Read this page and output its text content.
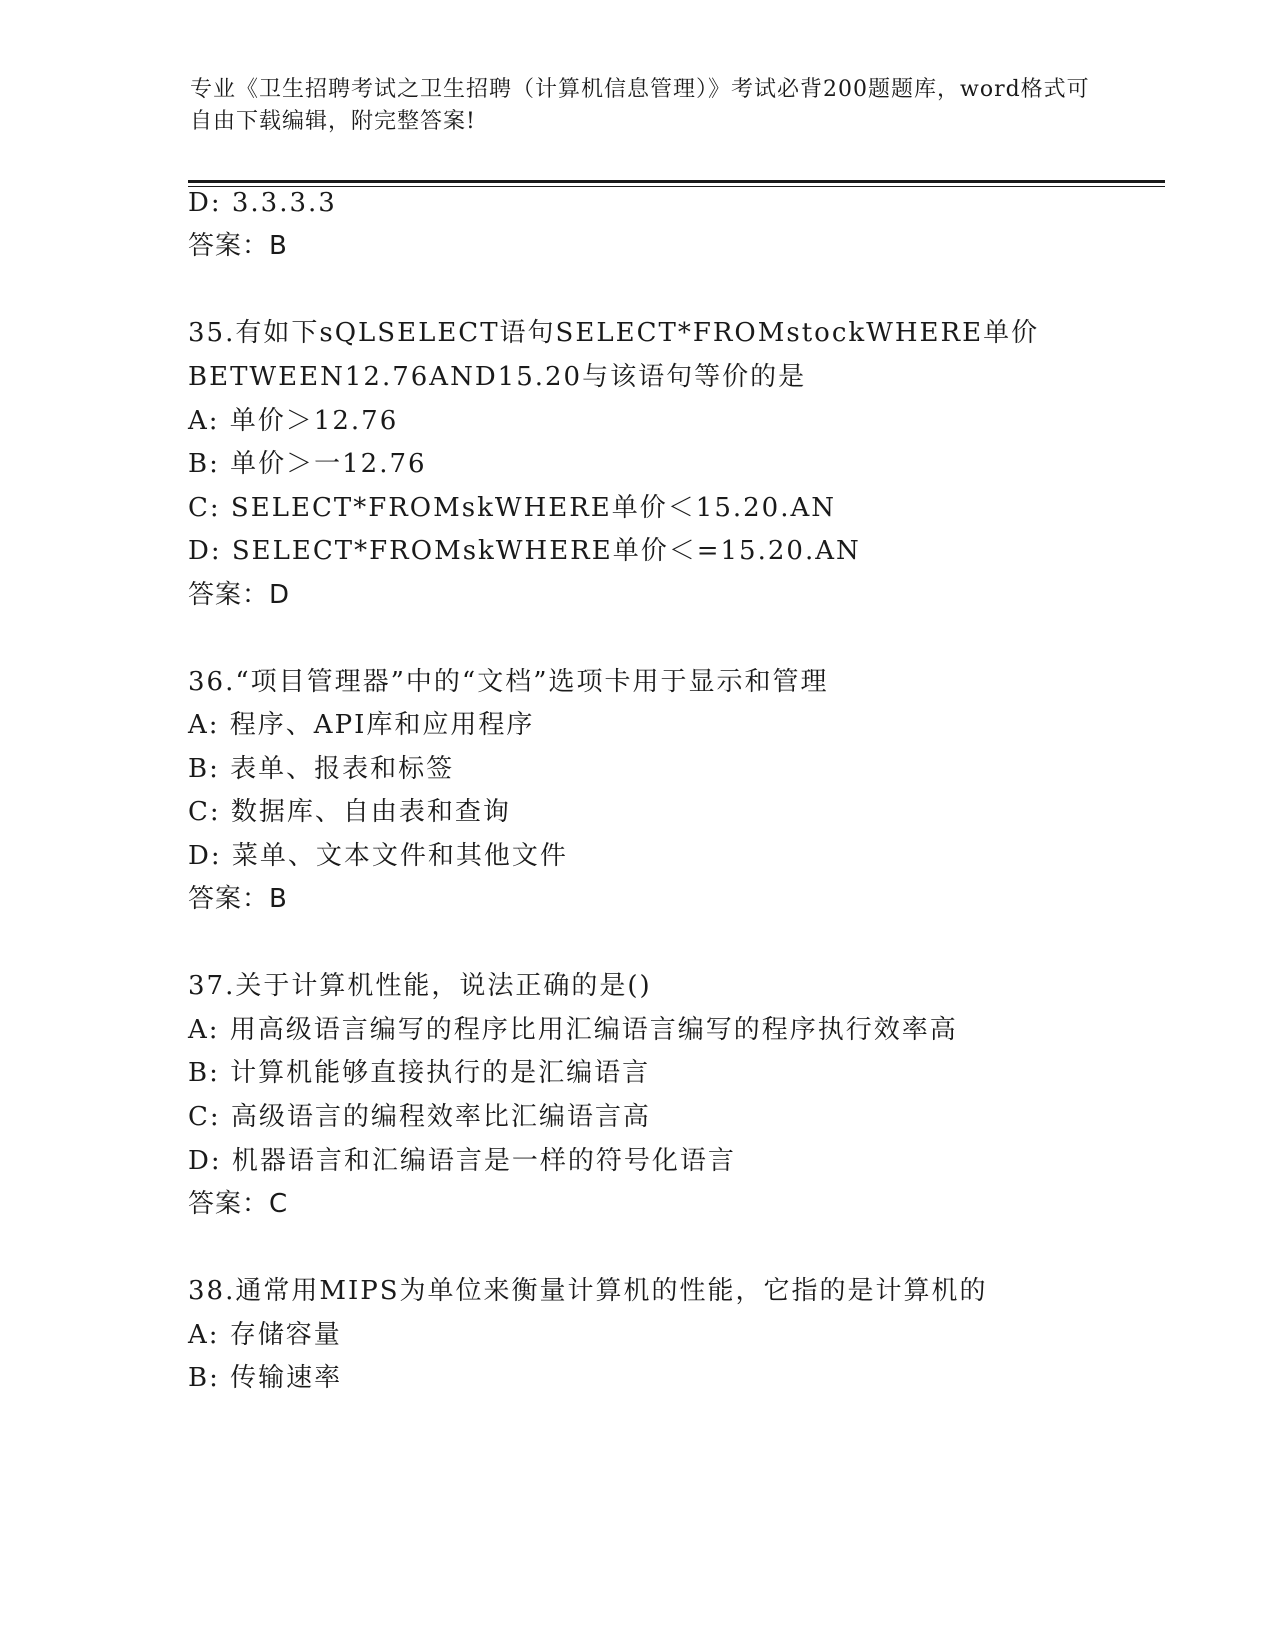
专业《卫生招聘考试之卫生招聘（计算机信息管理）》考试必背200题题库，word格式可自由下载编辑，附完整答案!
D: 3.3.3.3
答案：B
35.有如下sQLSELECT语句SELECT*FROMstockWHERE单价
BETWEEN12.76AND15.20与该语句等价的是
A: 单价＞12.76
B: 单价＞一12.76
C: SELECT*FROMskWHERE单价＜15.20.AN
D: SELECT*FROMskWHERE单价＜=15.20.AN
答案：D
36.“项目管理器”中的“文档”选项卡用于显示和管理
A: 程序、API库和应用程序
B: 表单、报表和标签
C: 数据库、自由表和查询
D: 菜单、文本文件和其他文件
答案：B
37.关于计算机性能，说法正确的是()
A: 用高级语言编写的程序比用汇编语言编写的程序执行效率高
B: 计算机能够直接执行的是汇编语言
C: 高级语言的编程效率比汇编语言高
D: 机器语言和汇编语言是一样的符号化语言
答案：C
38.通常用MIPS为单位来衡量计算机的性能，它指的是计算机的
A: 存储容量
B: 传输速率
